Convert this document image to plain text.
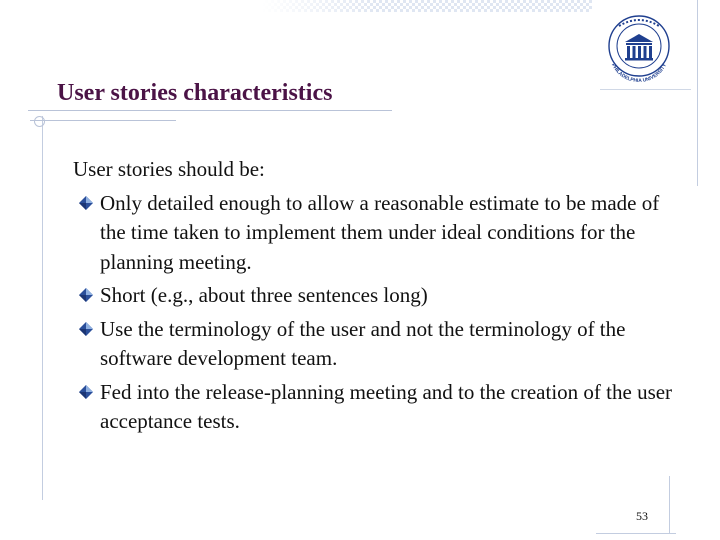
PHILADELPHIA UNIVERSITY
User stories characteristics

User stories should be:

Only detailed enough to allow a reasonable estimate to be made of the time taken to implement them under ideal conditions for the planning meeting.
Short (e.g., about three sentences long)
Use the terminology of the user and not the terminology of the software development team.
Fed into the release-planning meeting and to the creation of the user acceptance tests.
53
